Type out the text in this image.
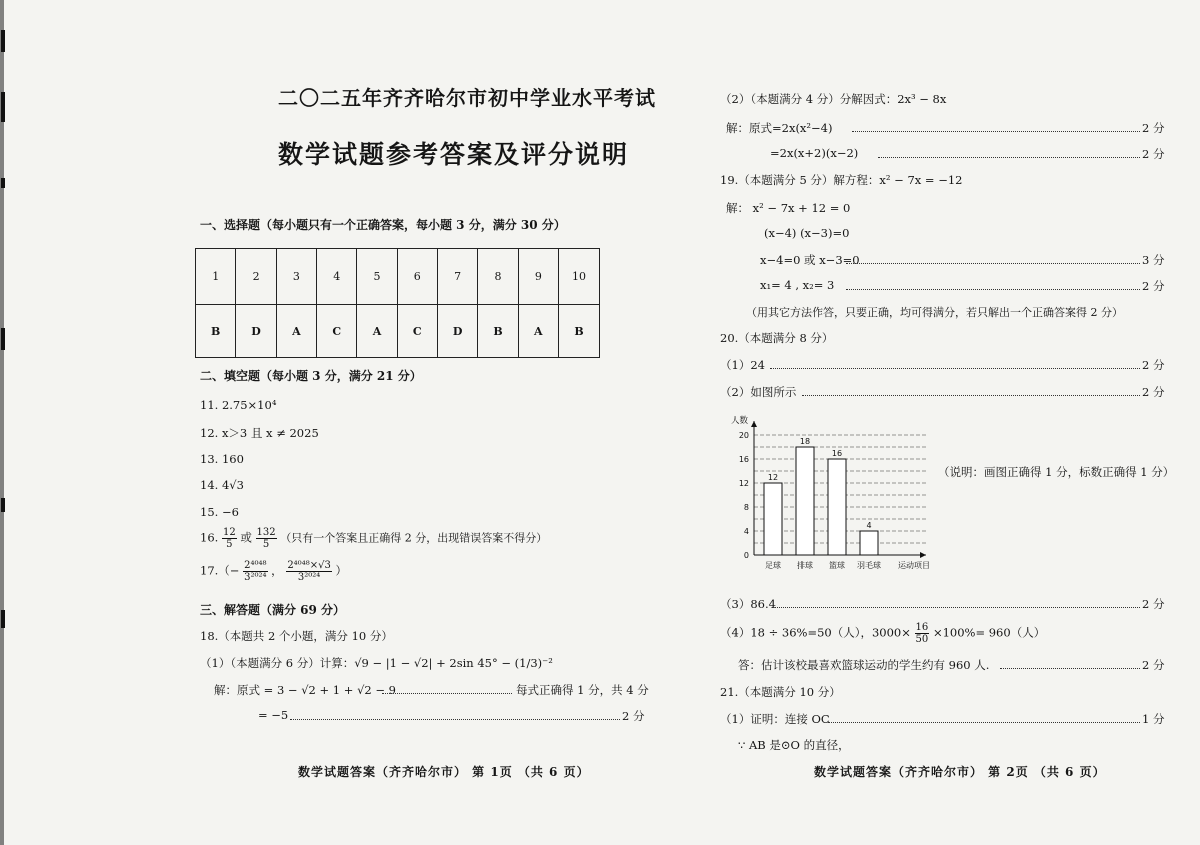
二〇二五年齐齐哈尔市初中学业水平考试
数学试题参考答案及评分说明
一、选择题（每小题只有一个正确答案，每小题 3 分，满分 30 分）
1	2	3	4	5	6	7	8	9	10
B	D	A	C	A	C	D	B	A	B
二、填空题（每小题 3 分，满分 21 分）
11. 2.75×10⁴
12. x＞3 且 x ≠ 2025
13. 160
14. 4√3
15. −6
16. $\frac{12}{5}$ 或 $\frac{132}{5}$ （只有一个答案且正确得 2 分，出现错误答案不得分）
$17.(- \frac{\text{2⁴⁰⁴⁸}}{\text{3²⁰²⁴}}$ ， $\frac{\text{2⁴⁰⁴⁸×√3}}{\text{3²⁰²⁴}}$ ）
三、解答题（满分 69 分）
18.（本题共 2 个小题，满分 10 分）
（1）（本题满分 6 分）计算：√9 − |1 − √2| + 2sin 45° − (1/3)⁻²
解：原式 = 3 − √2 + 1 + √2 − 9	每式正确得 1 分，共 4 分
= −5	2 分
数学试题答案（齐齐哈尔市） 第 1页 （共 6 页）
（2）（本题满分 4 分）分解因式：2x³ − 8x
解：原式=2x(x²−4)	2 分
=2x(x+2)(x−2)	2 分
19.（本题满分 5 分）解方程：x² − 7x = −12
解： x² − 7x + 12 = 0
(x−4) (x−3)=0
x−4=0 或 x−3=0	3 分
x₁= 4 , x₂= 3	2 分
（用其它方法作答，只要正确，均可得满分，若只解出一个正确答案得 2 分）
20.（本题满分 8 分）
（1）24	2 分
（2）如图所示	2 分
0
4
8
12
16
20
人数
运动项目
12
足球
18
排球
16
篮球
4
羽毛球
（说明：画图正确得 1 分，标数正确得 1 分）
（3）86.4	2 分
（4）18 ÷ 36%=50（人），$3000\times \frac{16}{50} \times 100\%= 960$（人）
答：估计该校最喜欢篮球运动的学生约有 960 人.	2 分
21.（本题满分 10 分）
（1）证明：连接 OC	1 分
∵ AB 是⊙O 的直径，
数学试题答案（齐齐哈尔市） 第 2页 （共 6 页）
